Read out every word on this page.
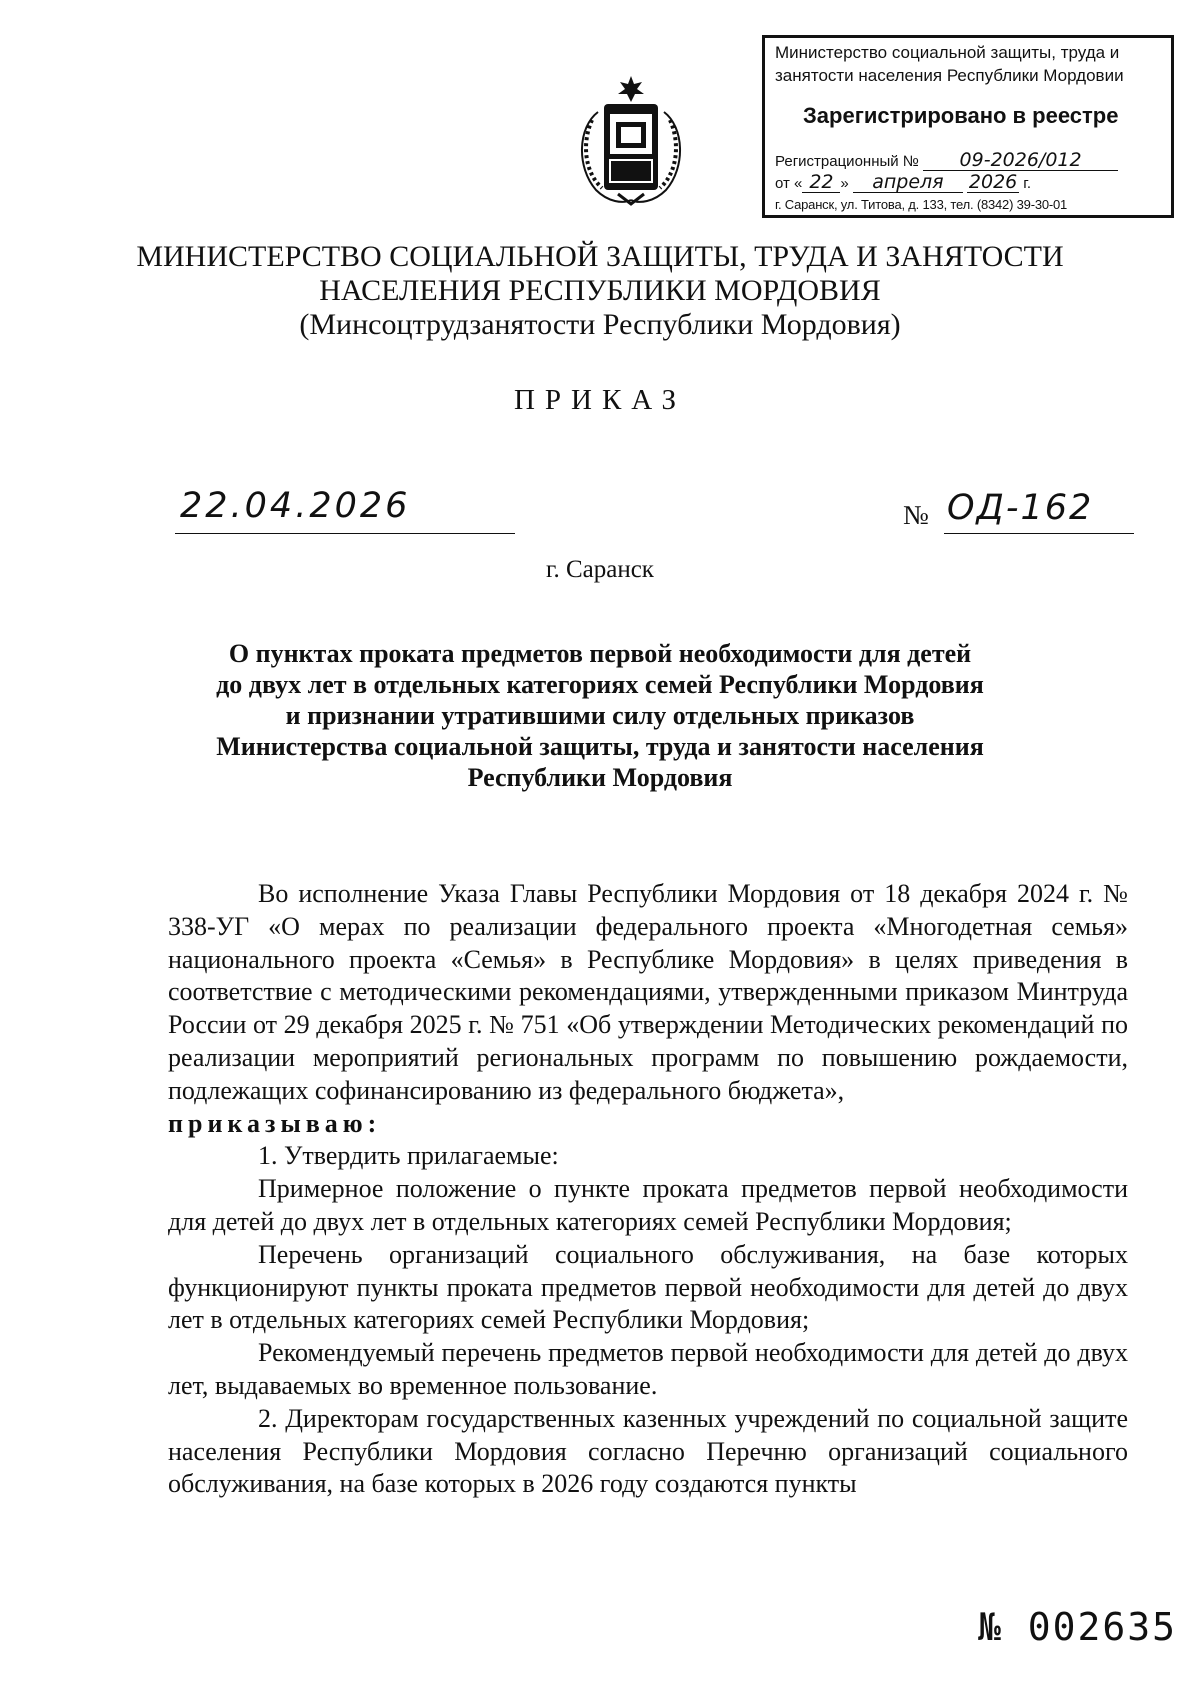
Министерство социальной защиты, труда и
занятости населения Республики Мордовии
Зарегистрировано в реестре
Регистрационный № 09-2026/012
от « 22 » апреля 2026 г.
г. Саранск, ул. Титова, д. 133, тел. (8342) 39-30-01
МИНИСТЕРСТВО СОЦИАЛЬНОЙ ЗАЩИТЫ, ТРУДА И ЗАНЯТОСТИ
НАСЕЛЕНИЯ РЕСПУБЛИКИ МОРДОВИЯ
(Минсоцтрудзанятости Республики Мордовия)
ПРИКАЗ
22.04.2026	№ ОД-162
г. Саранск
О пунктах проката предметов первой необходимости для детей
до двух лет в отдельных категориях семей Республики Мордовия
и признании утратившими силу отдельных приказов
Министерства социальной защиты, труда и занятости населения
Республики Мордовия

Во исполнение Указа Главы Республики Мордовия от 18 декабря 2024 г. № 338-УГ «О мерах по реализации федерального проекта «Многодетная семья» национального проекта «Семья» в Республике Мордовия» в целях приведения в соответствие с методическими рекомендациями, утвержденными приказом Минтруда России от 29 декабря 2025 г. № 751 «Об утверждении Методических рекомендаций по реализации мероприятий региональных программ по повышению рождаемости, подлежащих софинансированию из федерального бюджета»,

приказываю:

1. Утвердить прилагаемые:

Примерное положение о пункте проката предметов первой необходимости для детей до двух лет в отдельных категориях семей Республики Мордовия;

Перечень организаций социального обслуживания, на базе которых функционируют пункты проката предметов первой необходимости для детей до двух лет в отдельных категориях семей Республики Мордовия;

Рекомендуемый перечень предметов первой необходимости для детей до двух лет, выдаваемых во временное пользование.

2. Директорам государственных казенных учреждений по социальной защите населения Республики Мордовия согласно Перечню организаций социального обслуживания, на базе которых в 2026 году создаются пункты

№ 002635
